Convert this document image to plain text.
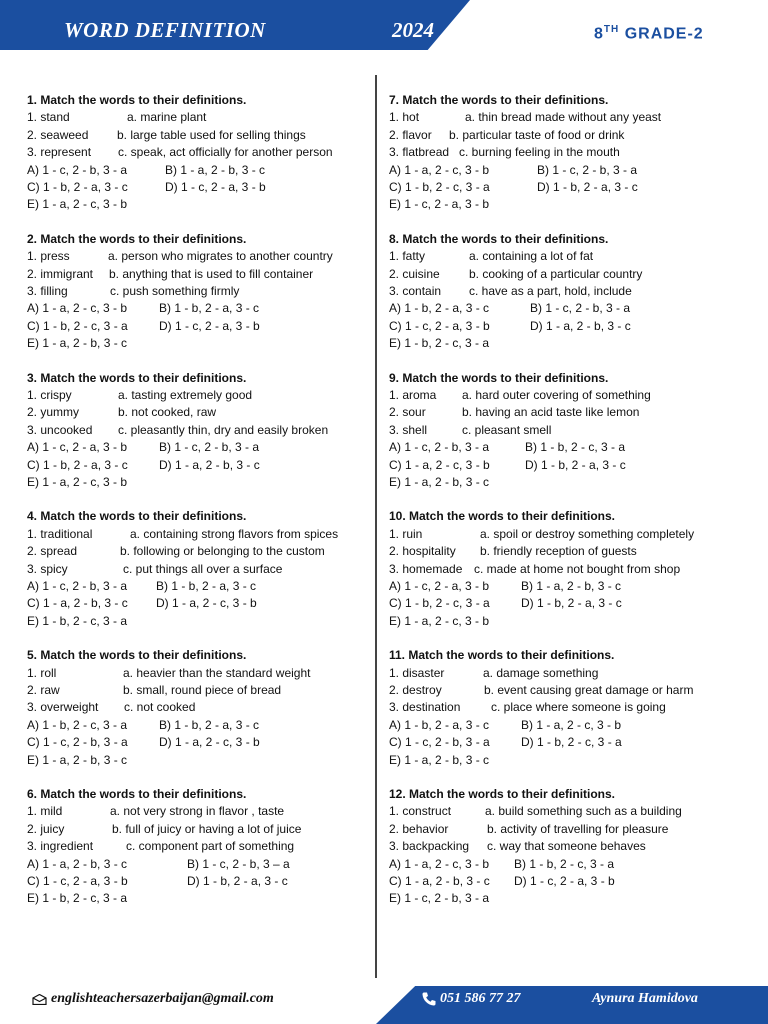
WORD DEFINITION	2024	8TH GRADE-2
1. Match the words to their definitions.
1. stand	a. marine plant
2. seaweed b. large table used for selling things
3. represent c. speak, act officially for another person
A) 1 - c, 2 - b, 3 - a	B) 1 - a, 2 - b, 3 - c
C) 1 - b, 2 - a, 3 - c	D) 1 - c, 2 - a, 3 - b
E) 1 - a, 2 - c, 3 - b
2. Match the words to their definitions.
1. press	a. person who migrates to another country
2. immigrant b. anything that is used to fill container
3. filling	c. push something firmly
A) 1 - a, 2 - c, 3 - b	B) 1 - b, 2 - a, 3 - c
C) 1 - b, 2 - c, 3 - a	D) 1 - c, 2 - a, 3 - b
E) 1 - a, 2 - b, 3 - c
3. Match the words to their definitions.
1. crispy	a. tasting extremely good
2. yummy	b. not cooked, raw
3. uncooked c. pleasantly thin, dry and easily broken
A) 1 - c, 2 - a, 3 - b	B) 1 - c, 2 - b, 3 - a
C) 1 - b, 2 - a, 3 - c	D) 1 - a, 2 - b, 3 - c
E) 1 - a, 2 - c, 3 - b
4. Match the words to their definitions.
1. traditional	a. containing strong flavors from spices
2. spread	b. following or belonging to the custom
3. spicy	c. put things all over a surface
A) 1 - c, 2 - b, 3 - a B) 1 - b, 2 - a, 3 - c
C) 1 - a, 2 - b, 3 - c D) 1 - a, 2 - c, 3 - b
E) 1 - b, 2 - c, 3 - a
5. Match the words to their definitions.
1. roll	a. heavier than the standard weight
2. raw	b. small, round piece of bread
3. overweight c. not cooked
A) 1 - b, 2 - c, 3 - a	B) 1 - b, 2 - a, 3 - c
C) 1 - c, 2 - b, 3 - a	D) 1 - a, 2 - c, 3 - b
E) 1 - a, 2 - b, 3 - c
6. Match the words to their definitions.
1. mild	a. not very strong in flavor , taste
2. juicy	b. full of juicy or having a lot of juice
3. ingredient	c. component part of something
A) 1 - a, 2 - b, 3 - c	B) 1 - c, 2 - b, 3 – a
C) 1 - c, 2 - a, 3 - b	D) 1 - b, 2 - a, 3 - c
E) 1 - b, 2 - c, 3 - a
7. Match the words to their definitions.
1. hot	a. thin bread made without any yeast
2. flavor b. particular taste of food or drink
3. flatbread c. burning feeling in the mouth
A) 1 - a, 2 - c, 3 - b	B) 1 - c, 2 - b, 3 - a
C) 1 - b, 2 - c, 3 - a	D) 1 - b, 2 - a, 3 - c
E) 1 - c, 2 - a, 3 - b
8. Match the words to their definitions.
1. fatty	a. containing a lot of fat
2. cuisine b. cooking of a particular country
3. contain c. have as a part, hold, include
A) 1 - b, 2 - a, 3 - c	B) 1 - c, 2 - b, 3 - a
C) 1 - c, 2 - a, 3 - b	D) 1 - a, 2 - b, 3 - c
E) 1 - b, 2 - c, 3 - a
9. Match the words to their definitions.
1. aroma a. hard outer covering of something
2. sour	b. having an acid taste like lemon
3. shell	c. pleasant smell
A) 1 - c, 2 - b, 3 - a	B) 1 - b, 2 - c, 3 - a
C) 1 - a, 2 - c, 3 - b	D) 1 - b, 2 - a, 3 - c
E) 1 - a, 2 - b, 3 - c
10. Match the words to their definitions.
1. ruin	a. spoil or destroy something completely
2. hospitality b. friendly reception of guests
3. homemade c. made at home not bought from shop
A) 1 - c, 2 - a, 3 - b	B) 1 - a, 2 - b, 3 - c
C) 1 - b, 2 - c, 3 - a	D) 1 - b, 2 - a, 3 - c
E) 1 - a, 2 - c, 3 - b
11. Match the words to their definitions.
1. disaster	a. damage something
2. destroy	b. event causing great damage or harm
3. destination	c. place where someone is going
A) 1 - b, 2 - a, 3 - c	B) 1 - a, 2 - c, 3 - b
C) 1 - c, 2 - b, 3 - a	D) 1 - b, 2 - c, 3 - a
E) 1 - a, 2 - b, 3 - c
12. Match the words to their definitions.
1. construct	a. build something such as a building
2. behavior	b. activity of travelling for pleasure
3. backpacking c. way that someone behaves
A) 1 - a, 2 - c, 3 - b B) 1 - b, 2 - c, 3 - a
C) 1 - a, 2 - b, 3 - c D) 1 - c, 2 - a, 3 - b
E) 1 - c, 2 - b, 3 - a
englishteachersazerbaijan@gmail.com	051 586 77 27	Aynura Hamidova
